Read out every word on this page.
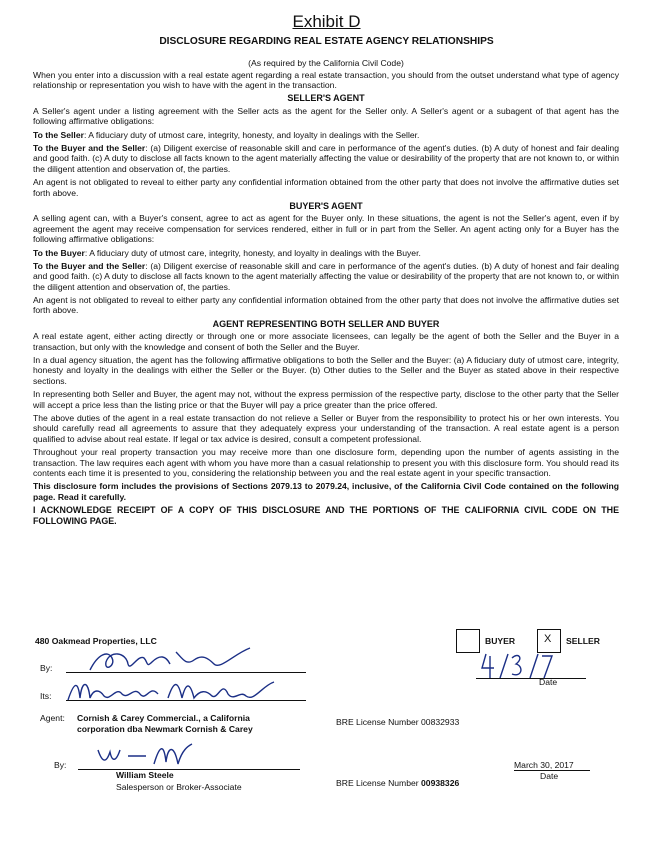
Exhibit D
DISCLOSURE REGARDING REAL ESTATE AGENCY RELATIONSHIPS

(As required by the California Civil Code)

When you enter into a discussion with a real estate agent regarding a real estate transaction, you should from the outset understand what type of agency relationship or representation you wish to have with the agent in the transaction.

SELLER'S AGENT

A Seller's agent under a listing agreement with the Seller acts as the agent for the Seller only. A Seller's agent or a subagent of that agent has the following affirmative obligations:

To the Seller: A fiduciary duty of utmost care, integrity, honesty, and loyalty in dealings with the Seller.

To the Buyer and the Seller: (a) Diligent exercise of reasonable skill and care in performance of the agent's duties. (b) A duty of honest and fair dealing and good faith. (c) A duty to disclose all facts known to the agent materially affecting the value or desirability of the property that are not known to, or within the diligent attention and observation of, the parties.

An agent is not obligated to reveal to either party any confidential information obtained from the other party that does not involve the affirmative duties set forth above.

BUYER'S AGENT

A selling agent can, with a Buyer's consent, agree to act as agent for the Buyer only. In these situations, the agent is not the Seller's agent, even if by agreement the agent may receive compensation for services rendered, either in full or in part from the Seller. An agent acting only for a Buyer has the following affirmative obligations:

To the Buyer: A fiduciary duty of utmost care, integrity, honesty, and loyalty in dealings with the Buyer.

To the Buyer and the Seller: (a) Diligent exercise of reasonable skill and care in performance of the agent's duties. (b) A duty of honest and fair dealing and good faith. (c) A duty to disclose all facts known to the agent materially affecting the value or desirability of the property that are not known to, or within the diligent attention and observation of, the parties.

An agent is not obligated to reveal to either party any confidential information obtained from the other party that does not involve the affirmative duties set forth above.

AGENT REPRESENTING BOTH SELLER AND BUYER

A real estate agent, either acting directly or through one or more associate licensees, can legally be the agent of both the Seller and the Buyer in a transaction, but only with the knowledge and consent of both the Seller and the Buyer.

In a dual agency situation, the agent has the following affirmative obligations to both the Seller and the Buyer: (a) A fiduciary duty of utmost care, integrity, honesty and loyalty in the dealings with either the Seller or the Buyer. (b) Other duties to the Seller and the Buyer as stated above in their respective sections.

In representing both Seller and Buyer, the agent may not, without the express permission of the respective party, disclose to the other party that the Seller will accept a price less than the listing price or that the Buyer will pay a price greater than the price offered.

The above duties of the agent in a real estate transaction do not relieve a Seller or Buyer from the responsibility to protect his or her own interests. You should carefully read all agreements to assure that they adequately express your understanding of the transaction. A real estate agent is a person qualified to advise about real estate. If legal or tax advice is desired, consult a competent professional.

Throughout your real property transaction you may receive more than one disclosure form, depending upon the number of agents assisting in the transaction. The law requires each agent with whom you have more than a casual relationship to present you with this disclosure form. You should read its contents each time it is presented to you, considering the relationship between you and the real estate agent in your specific transaction.

This disclosure form includes the provisions of Sections 2079.13 to 2079.24, inclusive, of the California Civil Code contained on the following page. Read it carefully.

I ACKNOWLEDGE RECEIPT OF A COPY OF THIS DISCLOSURE AND THE PORTIONS OF THE CALIFORNIA CIVIL CODE ON THE FOLLOWING PAGE.

480 Oakmead Properties, LLC	BUYER	X SELLER
By:
Its:
Date
Agent: Cornish & Carey Commercial., a California
corporation dba Newmark Cornish & Carey
BRE License Number 00832933
By:
William Steele
Salesperson or Broker-Associate
March 30, 2017
Date
BRE License Number 00938326
